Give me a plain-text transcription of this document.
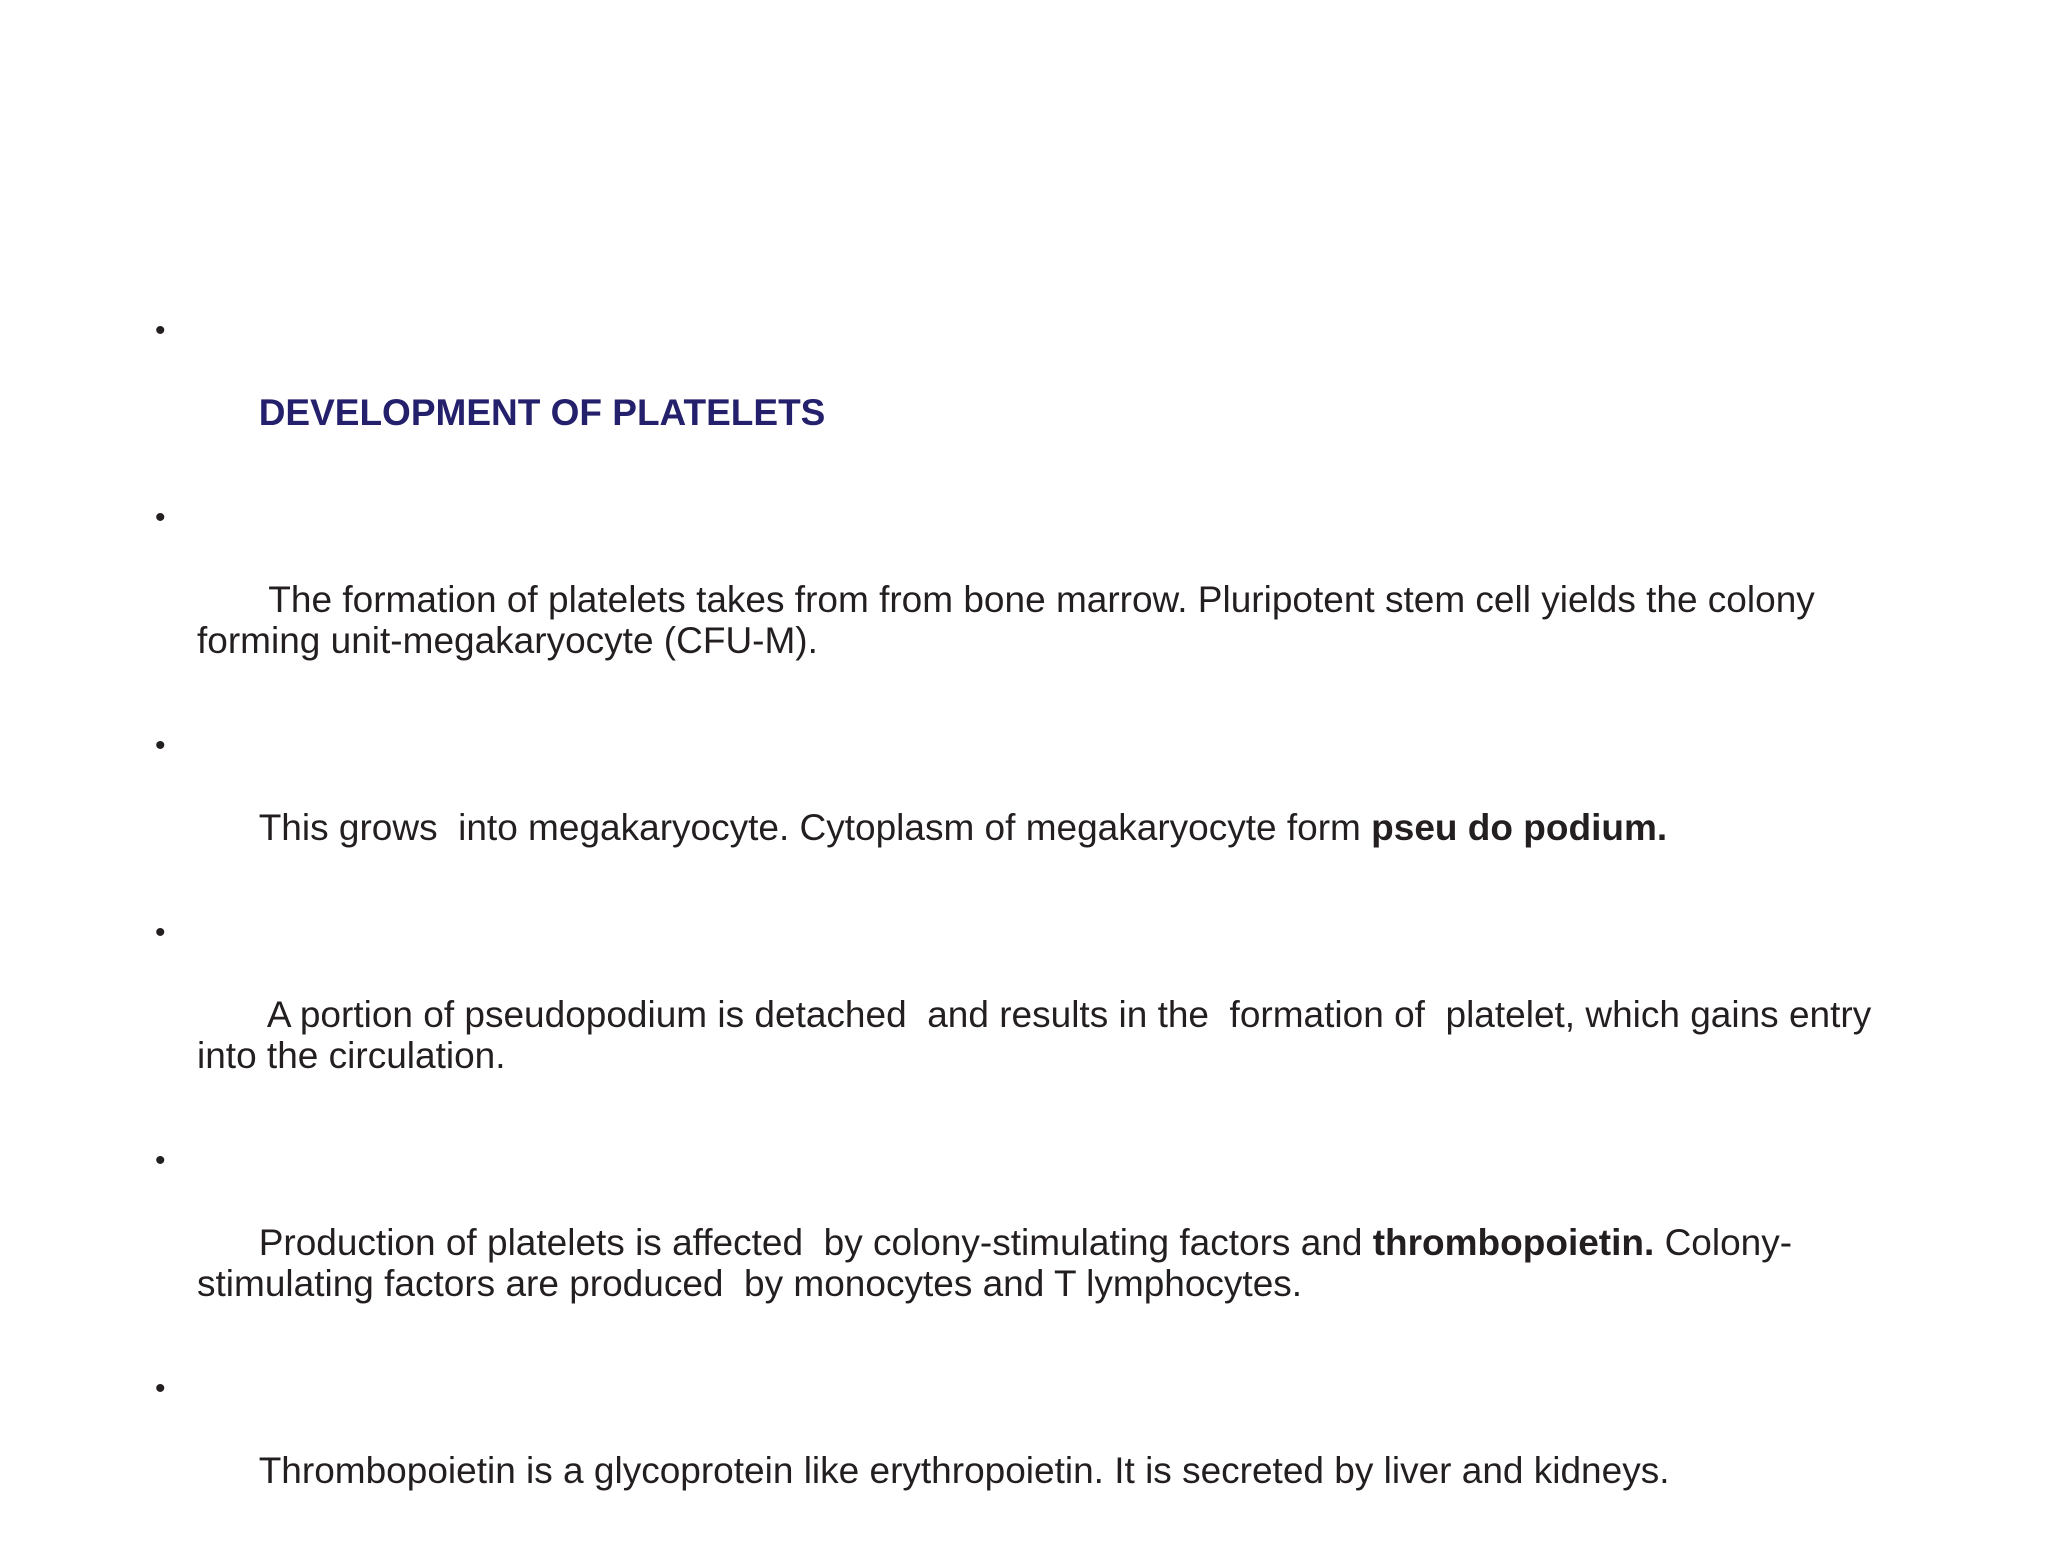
•

DEVELOPMENT OF PLATELETS

•

The formation of platelets takes from from bone marrow. Pluripotent stem cell yields the colony forming unit-megakaryocyte (CFU-M).

•

This grows  into megakaryocyte. Cytoplasm of megakaryocyte form pseu do podium.

•

A portion of pseudopodium is detached  and results in the  formation of  platelet, which gains entry into the circulation.

•

Production of platelets is affected  by colony-stimulating factors and thrombopoietin. Colony-stimulating factors are produced  by monocytes and T lymphocytes.

•

Thrombopoietin is a glycoprotein like erythropoietin. It is secreted by liver and kidneys.
